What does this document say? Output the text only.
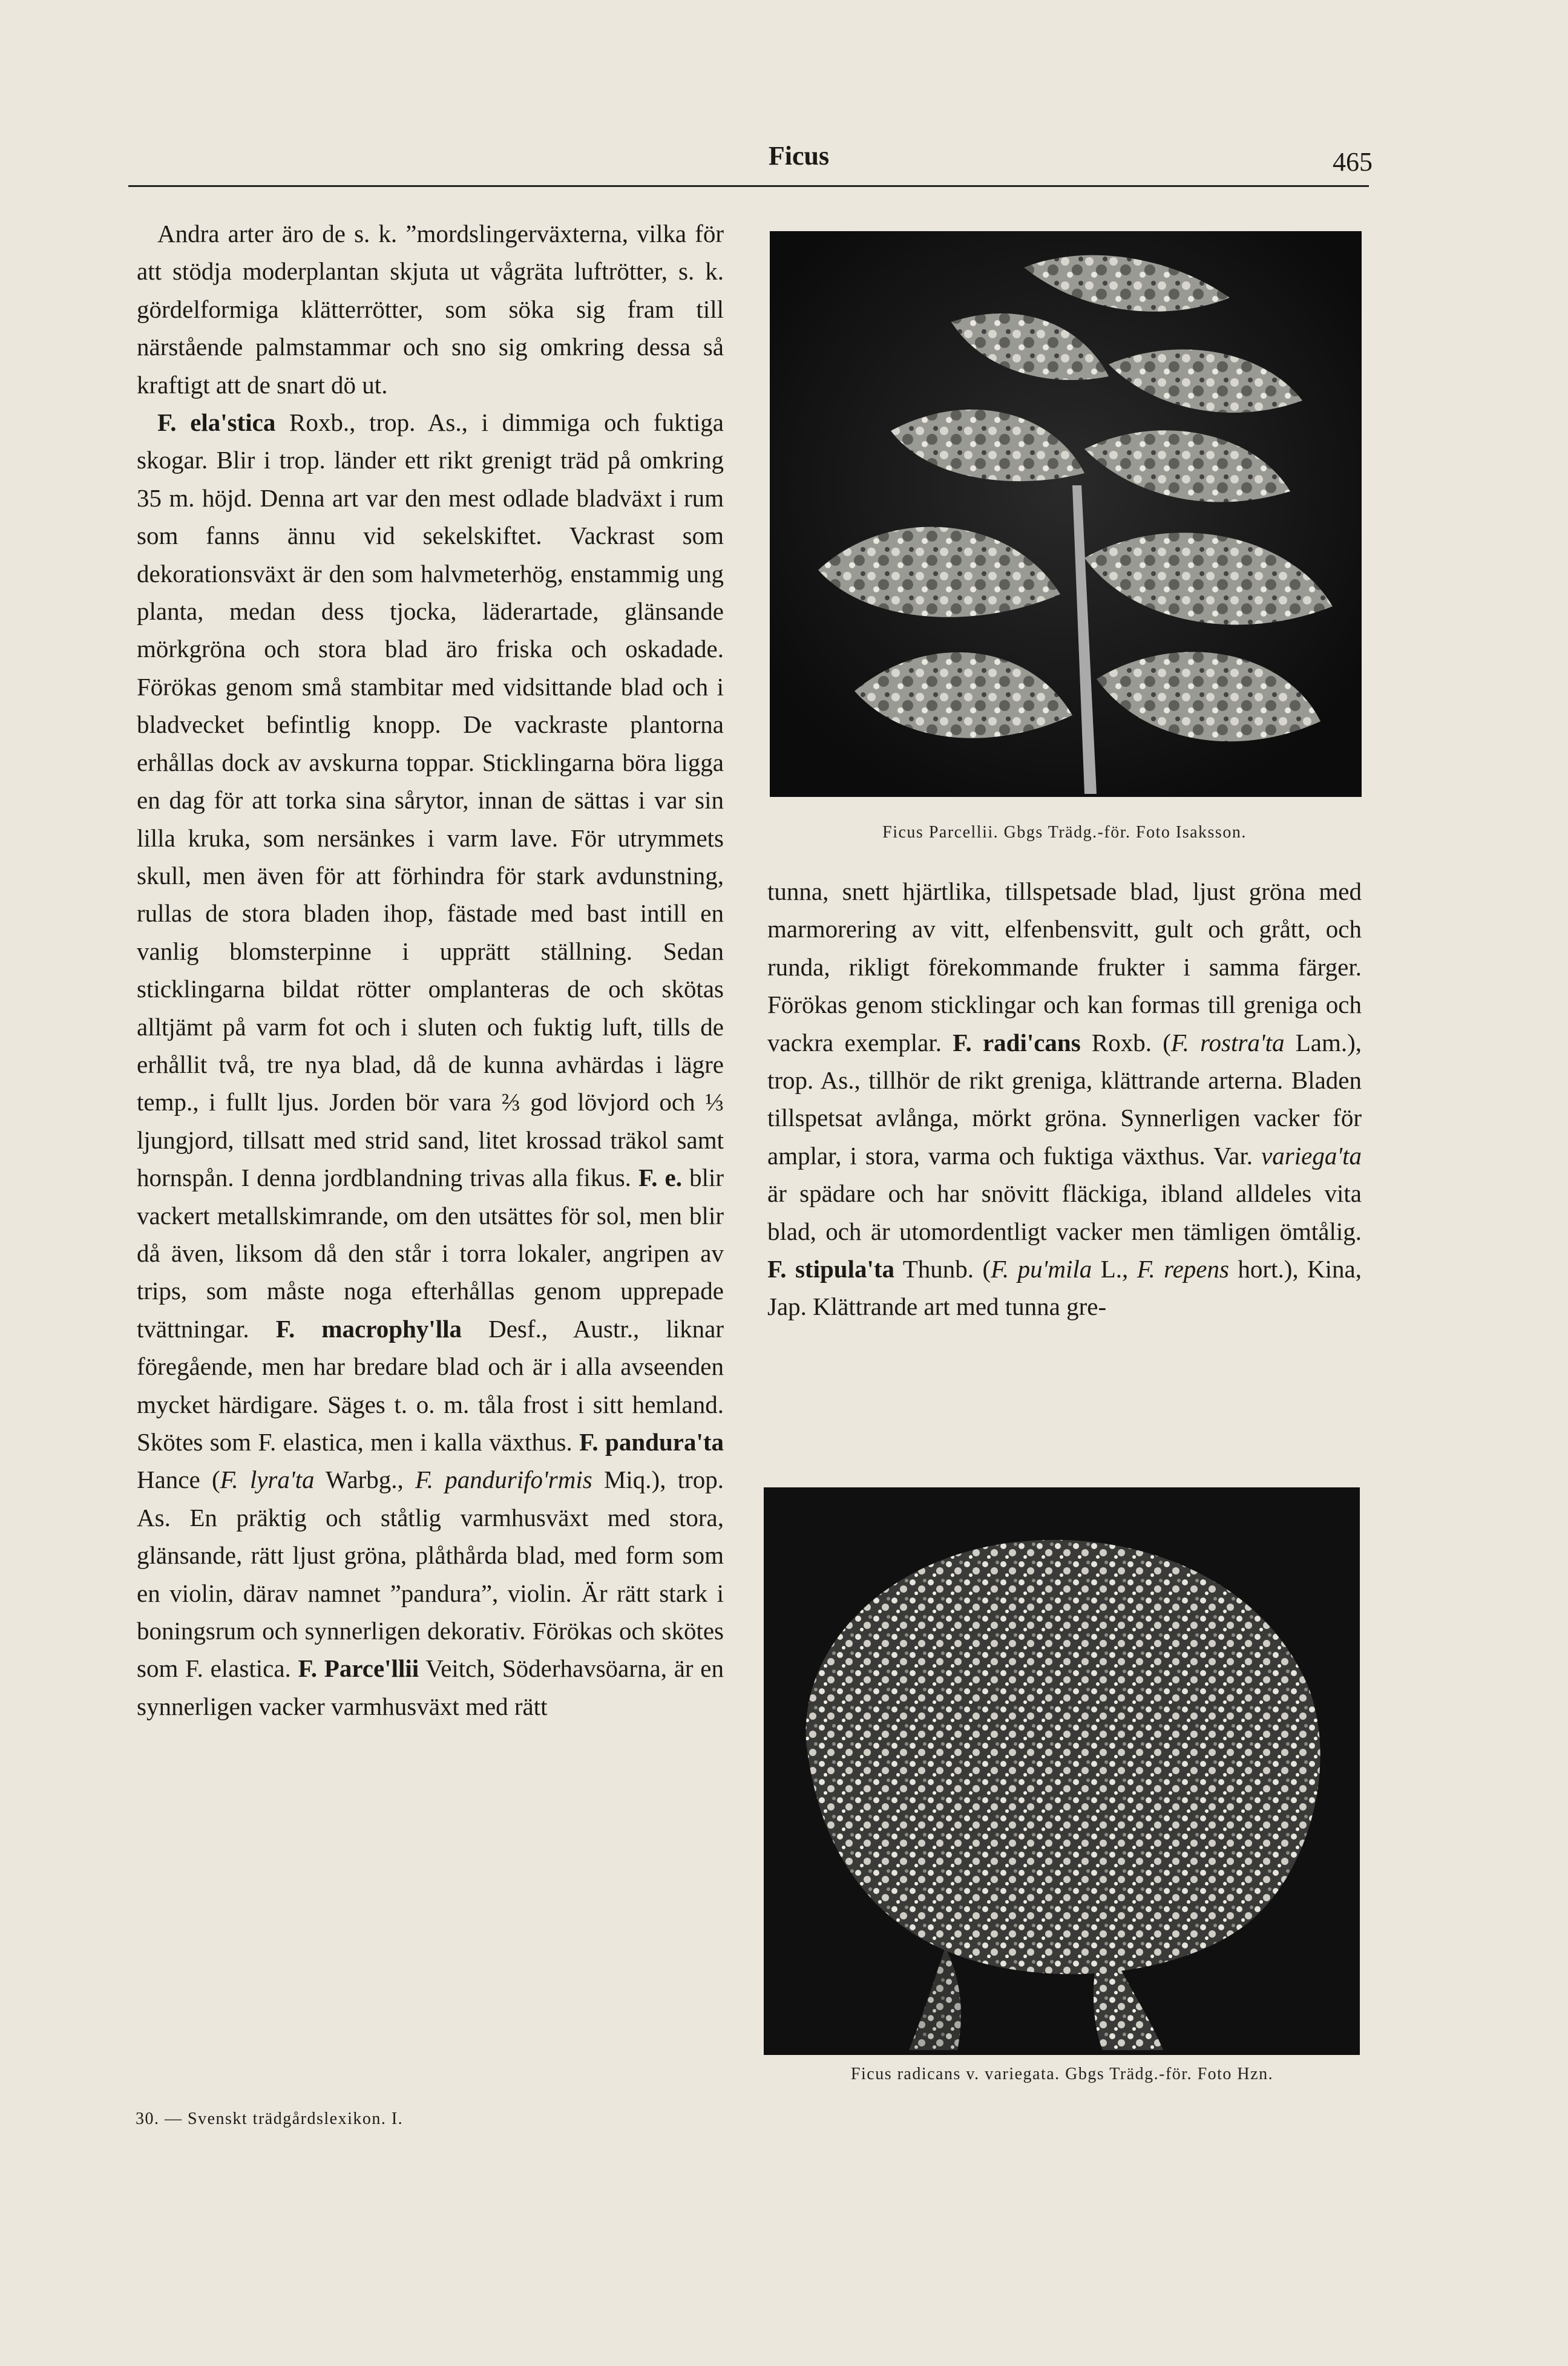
Ficus	465

Andra arter äro de s. k. ”mordslingerväxterna, vilka för att stödja moderplantan skjuta ut vågräta luftrötter, s. k. gördelformiga klätterrötter, som söka sig fram till närstående palmstammar och sno sig omkring dessa så kraftigt att de snart dö ut.

F. ela'stica Roxb., trop. As., i dimmiga och fuktiga skogar. Blir i trop. länder ett rikt grenigt träd på omkring 35 m. höjd. Denna art var den mest odlade bladväxt i rum som fanns ännu vid sekelskiftet. Vackrast som dekorationsväxt är den som halvmeterhög, enstammig ung planta, medan dess tjocka, läderartade, glänsande mörkgröna och stora blad äro friska och oskadade. Förökas genom små stambitar med vidsittande blad och i bladvecket befintlig knopp. De vackraste plantorna erhållas dock av avskurna toppar. Sticklingarna böra ligga en dag för att torka sina sårytor, innan de sättas i var sin lilla kruka, som nersänkes i varm lave. För utrymmets skull, men även för att förhindra för stark avdunstning, rullas de stora bladen ihop, fästade med bast intill en vanlig blomsterpinne i upprätt ställning. Sedan sticklingarna bildat rötter omplanteras de och skötas alltjämt på varm fot och i sluten och fuktig luft, tills de erhållit två, tre nya blad, då de kunna avhärdas i lägre temp., i fullt ljus. Jorden bör vara ⅔ god lövjord och ⅓ ljungjord, tillsatt med strid sand, litet krossad träkol samt hornspån. I denna jordblandning trivas alla fikus. F. e. blir vackert metallskimrande, om den utsättes för sol, men blir då även, liksom då den står i torra lokaler, angripen av trips, som måste noga efterhållas genom upprepade tvättningar. F. macrophy'lla Desf., Austr., liknar föregående, men har bredare blad och är i alla avseenden mycket härdigare. Säges t. o. m. tåla frost i sitt hemland. Skötes som F. elastica, men i kalla växthus. F. pandura'ta Hance (F. lyra'ta Warbg., F. pandurifo'rmis Miq.), trop. As. En präktig och ståtlig varmhusväxt med stora, glänsande, rätt ljust gröna, plåthårda blad, med form som en violin, därav namnet ”pandura”, violin. Är rätt stark i boningsrum och synnerligen dekorativ. Förökas och skötes som F. elastica. F. Parce'llii Veitch, Söderhavsöarna, är en synnerligen vacker varmhusväxt med rätt

Ficus Parcellii. Gbgs Trädg.-för. Foto Isaksson.

tunna, snett hjärtlika, tillspetsade blad, ljust gröna med marmorering av vitt, elfenbensvitt, gult och grått, och runda, rikligt förekommande frukter i samma färger. Förökas genom sticklingar och kan formas till greniga och vackra exemplar. F. radi'cans Roxb. (F. rostra'ta Lam.), trop. As., tillhör de rikt greniga, klättrande arterna. Bladen tillspetsat avlånga, mörkt gröna. Synnerligen vacker för amplar, i stora, varma och fuktiga växthus. Var. variega'ta är spädare och har snövitt fläckiga, ibland alldeles vita blad, och är utomordentligt vacker men tämligen ömtålig. F. stipula'ta Thunb. (F. pu'mila L., F. repens hort.), Kina, Jap. Klättrande art med tunna gre-

Ficus radicans v. variegata. Gbgs Trädg.-för. Foto Hzn.
30. — Svenskt trädgårdslexikon. I.
